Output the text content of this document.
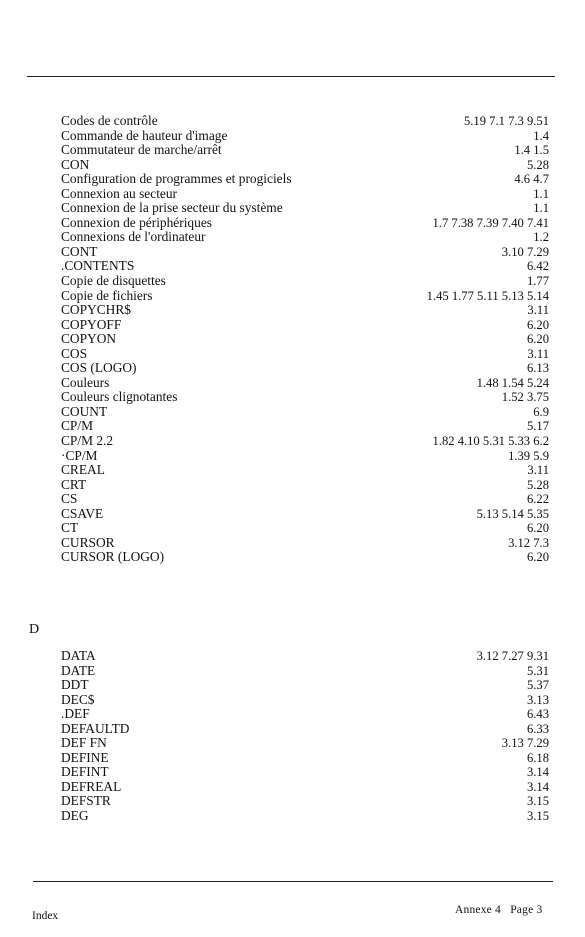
Codes de contrôle	5.19 7.1 7.3 9.51
Commande de hauteur d'image	1.4
Commutateur de marche/arrêt	1.4 1.5
CON	5.28
Configuration de programmes et progiciels	4.6 4.7
Connexion au secteur	1.1
Connexion de la prise secteur du système	1.1
Connexion de périphériques	1.7 7.38 7.39 7.40 7.41
Connexions de l'ordinateur	1.2
CONT	3.10 7.29
.CONTENTS	6.42
Copie de disquettes	1.77
Copie de fichiers	1.45 1.77 5.11 5.13 5.14
COPYCHR$	3.11
COPYOFF	6.20
COPYON	6.20
COS	3.11
COS (LOGO)	6.13
Couleurs	1.48 1.54 5.24
Couleurs clignotantes	1.52 3.75
COUNT	6.9
CP/M	5.17
CP/M 2.2	1.82 4.10 5.31 5.33 6.2
·CP/M	1.39 5.9
CREAL	3.11
CRT	5.28
CS	6.22
CSAVE	5.13 5.14 5.35
CT	6.20
CURSOR	3.12 7.3
CURSOR (LOGO)	6.20
D
DATA	3.12 7.27 9.31
DATE	5.31
DDT	5.37
DEC$	3.13
.DEF	6.43
DEFAULTD	6.33
DEF FN	3.13 7.29
DEFINE	6.18
DEFINT	3.14
DEFREAL	3.14
DEFSTR	3.15
DEG	3.15
Index	Annexe 4   Page 3
